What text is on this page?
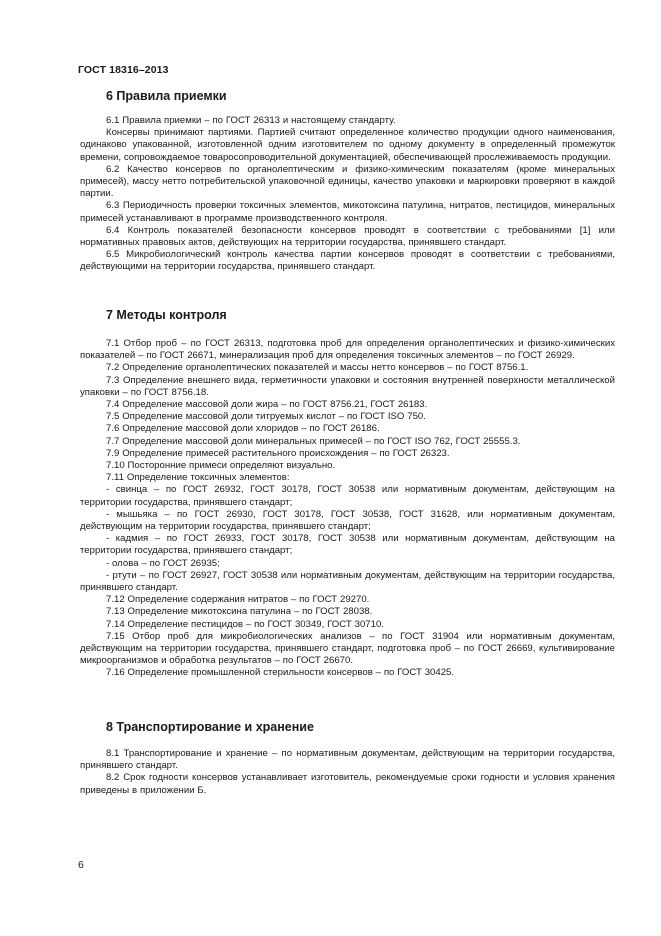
ГОСТ 18316–2013
6 Правила приемки

6.1 Правила приемки – по ГОСТ 26313 и настоящему стандарту.

Консервы принимают партиями. Партией считают определенное количество продукции одного наименования, одинаково упакованной, изготовленной одним изготовителем по одному документу в определенный промежуток времени, сопровождаемое товаросопроводительной документацией, обеспечивающей прослеживаемость продукции.

6.2 Качество консервов по органолептическим и физико-химическим показателям (кроме минеральных примесей), массу нетто потребительской упаковочной единицы, качество упаковки и маркировки проверяют в каждой партии.

6.3 Периодичность проверки токсичных элементов, микотоксина патулина, нитратов, пестицидов, минеральных примесей устанавливают в программе производственного контроля.

6.4 Контроль показателей безопасности консервов проводят в соответствии с требованиями [1] или нормативных правовых актов, действующих на территории государства, принявшего стандарт.

6.5 Микробиологический контроль качества партии консервов проводят в соответствии с требованиями, действующими на территории государства, принявшего стандарт.

7 Методы контроля

7.1 Отбор проб – по ГОСТ 26313, подготовка проб для определения органолептических и физико-химических показателей – по ГОСТ 26671, минерализация проб для определения токсичных элементов – по ГОСТ 26929.

7.2 Определение органолептических показателей и массы нетто консервов – по ГОСТ 8756.1.

7.3 Определение внешнего вида, герметичности упаковки и состояния внутренней поверхности металлической упаковки – по ГОСТ 8756.18.

7.4 Определение массовой доли жира – по ГОСТ 8756.21, ГОСТ 26183.

7.5 Определение массовой доли титруемых кислот – по ГОСТ ISO 750.

7.6 Определение массовой доли хлоридов – по ГОСТ 26186.

7.7 Определение массовой доли минеральных примесей – по ГОСТ ISO 762, ГОСТ 25555.3.

7.9 Определение примесей растительного происхождения – по ГОСТ 26323.

7.10 Посторонние примеси определяют визуально.

7.11 Определение токсичных элементов:

- свинца – по ГОСТ 26932, ГОСТ 30178, ГОСТ 30538 или нормативным документам, действующим на территории государства, принявшего стандарт;

- мышьяка – по ГОСТ 26930, ГОСТ 30178, ГОСТ 30538, ГОСТ 31628, или нормативным документам, действующим на территории государства, принявшего стандарт;

- кадмия – по ГОСТ 26933, ГОСТ 30178, ГОСТ 30538 или нормативным документам, действующим на территории государства, принявшего стандарт;

- олова – по ГОСТ 26935;

- ртути – по ГОСТ 26927, ГОСТ 30538 или нормативным документам, действующим на территории государства, принявшего стандарт.

7.12 Определение содержания нитратов – по ГОСТ 29270.

7.13 Определение микотоксина патулина – по ГОСТ 28038.

7.14 Определение пестицидов – по ГОСТ 30349, ГОСТ 30710.

7.15 Отбор проб для микробиологических анализов – по ГОСТ 31904 или нормативным документам, действующим на территории государства, принявшего стандарт, подготовка проб – по ГОСТ 26669, культивирование микроорганизмов и обработка результатов – по ГОСТ 26670.

7.16 Определение промышленной стерильности консервов – по ГОСТ 30425.

8 Транспортирование и хранение

8.1 Транспортирование и хранение – по нормативным документам, действующим на территории государства, принявшего стандарт.

8.2 Срок годности консервов устанавливает изготовитель, рекомендуемые сроки годности и условия хранения приведены в приложении Б.

6
